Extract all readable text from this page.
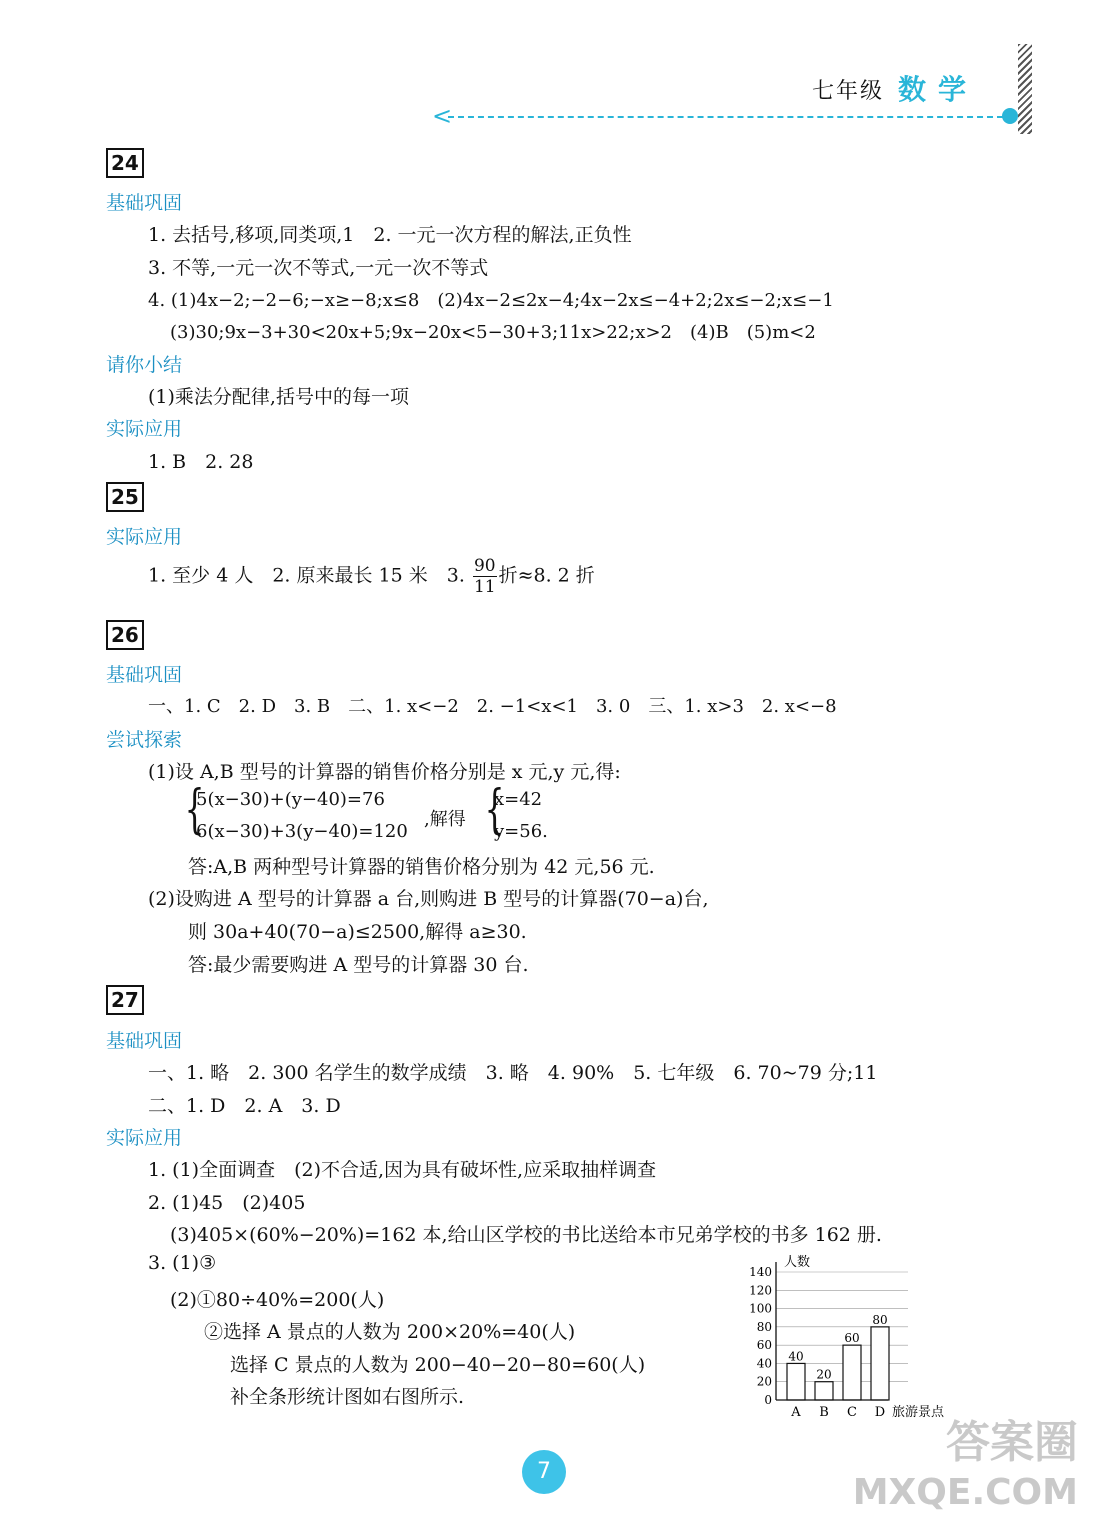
七年级 数学
<
24
基础巩固
1. 去括号,移项,同类项,1　2. 一元一次方程的解法,正负性
3. 不等,一元一次不等式,一元一次不等式
4. (1)4x−2;−2−6;−x≥−8;x≤8　(2)4x−2≤2x−4;4x−2x≤−4+2;2x≤−2;x≤−1
(3)30;9x−3+30<20x+5;9x−20x<5−30+3;11x>22;x>2　(4)B　(5)m<2
请你小结
(1)乘法分配律,括号中的每一项
实际应用
1. B　2. 28
25
实际应用
1. 至少 4 人　2. 原来最长 15 米　3. $\frac{90}{11}$ 折≈8. 2 折
26
基础巩固
一、1. C　2. D　3. B　二、1. x<−2　2. −1<x<1　3. 0　三、1. x>3　2. x<−8
尝试探索
(1)设 A,B 型号的计算器的销售价格分别是 x 元,y 元,得:
{
5(x−30)+(y−40)=76
6(x−30)+3(y−40)=120
,解得 {
x=42
y=56.
答:A,B 两种型号计算器的销售价格分别为 42 元,56 元.
(2)设购进 A 型号的计算器 a 台,则购进 B 型号的计算器(70−a)台,
则 30a+40(70−a)≤2500,解得 a≥30.
答:最少需要购进 A 型号的计算器 30 台.
27
基础巩固
一、1. 略　2. 300 名学生的数学成绩　3. 略　4. 90%　5. 七年级　6. 70~79 分;11
二、1. D　2. A　3. D
实际应用
1. (1)全面调查　(2)不合适,因为具有破坏性,应采取抽样调查
2. (1)45　(2)405
(3)405×(60%−20%)=162 本,给山区学校的书比送给本市兄弟学校的书多 162 册.
3. (1)③
(2)①80÷40%=200(人)
②选择 A 景点的人数为 200×20%=40(人)
选择 C 景点的人数为 200−40−20−80=60(人)
补全条形统计图如右图所示.	0
20
40
60
80
100
120
140
40
20
60
80
A B C D
人数
旅游景点
7
答案圈
MXQE.COM
